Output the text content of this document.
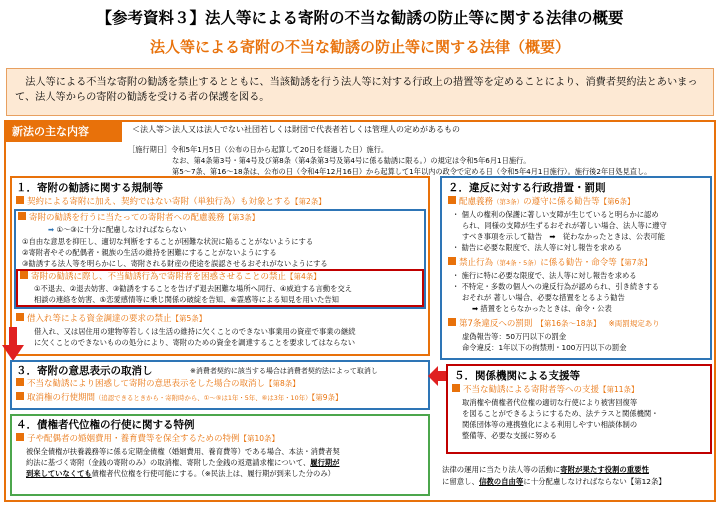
【参考資料３】法人等による寄附の不当な勧誘の防止等に関する法律の概要
法人等による寄附の不当な勧誘の防止等に関する法律（概要）
法人等による不当な寄附の勧誘を禁止するとともに、当該勧誘を行う法人等に対する行政上の措置等を定めることにより、消費者契約法とあいまって、法人等からの寄附の勧誘を受ける者の保護を図る。
新法の主な内容	＜法人等＞法人又は法人でない社団若しくは財団で代表者若しくは管理人の定めがあるもの
［施行期日］令和5年1月5日（公布の日から起算して20日を経過した日）施行。
なお、第4条第3号・第4号及び第8条（第4条第3号及第4号に係る勧誘に限る。）の規定は令和5年6月1日施行。
第5～7条、第16～18条は、公布の日（令和4年12月16日）から起算して1年以内の政令で定める日（令和5年4月1日施行）。施行後2年目処見直し。
１．寄附の勧誘に関する規制等
契約による寄附に加え、契約ではない寄附（単独行為）も対象とする【第2条】
寄附の勧誘を行うに当たっての寄附者への配慮義務【第3条】
➡ ①～③に十分に配慮しなければならない
①自由な意思を抑圧し、適切な判断をすることが困難な状況に陥ることがないようにする
②寄附者やその配偶者・親族の生活の維持を困難にすることがないようにする
③勧誘する法人等を明らかにし、寄附される財産の使途を誤認させるおそれがないようにする
寄附の勧誘に際し、不当勧誘行為で寄附者を困惑させることの禁止【第4条】
①不退去、②退去妨害、③勧誘をすることを告げず退去困難な場所へ同行、④威迫する言動を交え
相談の連絡を妨害、⑤恋愛感情等に乗じ関係の破綻を告知、⑥霊感等による知見を用いた告知
借入れ等による資金調達の要求の禁止【第5条】
借入れ、又は居住用の建物等若しくは生活の維持に欠くことのできない事業用の資産で事業の継続
に欠くことのできないものの処分により、寄附のための資金を調達することを要求してはならない
３．寄附の意思表示の取消し	※消費者契約に該当する場合は消費者契約法によって取消し
不当な勧誘により困惑して寄附の意思表示をした場合の取消し【第8条】
取消権の行使期間（追認できるときから・寄附時から、①～⑤は1年・5年、⑥は3年・10年）【第9条】
４．債権者代位権の行使に関する特例
子や配偶者の婚姻費用・養育費等を保全するための特例【第10条】
被保全債権が扶養義務等に係る定期金債権（婚姻費用、養育費等）である場合、本法・消費者契
約法に基づく寄附（金銭の寄附のみ）の取消権、寄附した金銭の返還請求権について、履行期が
到来していなくても債権者代位権を行使可能にする。（※民法上は、履行期が到来した分のみ）
２．違反に対する行政措置・罰則
配慮義務（第3条）の遵守に係る勧告等【第6条】
・ 個人の権利の保護に著しい支障が生じていると明らかに認め
られ、同様の支障が生ずるおそれが著しい場合、法人等に遵守
すべき事項を示して勧告　➡　従わなかったときは、公表可能
・ 勧告に必要な限度で、法人等に対し報告を求める
禁止行為（第4条・5条）に係る勧告・命令等【第7条】
・ 施行に特に必要な限度で、法人等に対し報告を求める
・ 不特定・多数の個人への違反行為が認められ、引き続きする
おそれが 著しい場合、必要な措置をとるよう勧告
➡ 措置をとらなかったときは、命令・公表
第7条違反への罰則 【第16条～18条】 ※両罰規定あり
虚偽報告等：50万円以下の罰金
命令違反：1年以下の拘禁刑・100万円以下の罰金
５．関係機関による支援等
不当な勧誘による寄附者等への支援【第11条】
取消権や債権者代位権の適切な行使により被害回復等
を図ることができるようにするため、法テラスと関係機関・
関係団体等の連携強化による利用しやすい相談体制の
整備等、必要な支援に努める
法律の運用に当たり法人等の活動に寄附が果たす役割の重要性
に留意し、信教の自由等に十分配慮しなければならない【第12条】
